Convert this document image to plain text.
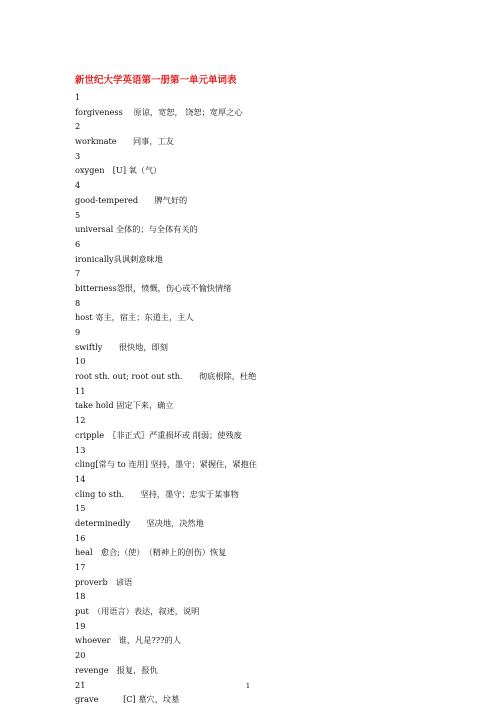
新世纪大学英语第一册第一单元单词表
1
forgiveness　 原谅，宽恕， 饶恕；宽厚之心
2
workmate　　同事，工友
3
oxygen　[U] 氧（气）
4
good-tempered　　脾气好的
5
universal 全体的；与全体有关的
6
ironically具讽刺意味地
7
bitterness怨恨，愤慨，伤心或不愉快情绪
8
host 寄主，宿主；东道主，主人
9
swiftly　　很快地，即刻
10
root sth. out; root out sth.　　彻底根除，杜绝
11
take hold 固定下来，确立
12
cripple　〖非正式〗严重损坏或 削弱；使残废
13
cling[常与 to 连用] 坚持，墨守；紧握住，紧抱住
14
cling to sth.　　坚持，墨守；忠实于某事物
15
determinedly　　坚决地，决然地
16
heal　愈合;（使）　（精神上的创伤）恢复
17
proverb　谚语
18
put　（用语言）表达，叙述，说明
19
whoever　谁，凡是???的人
20
revenge　报复，报仇
21
grave　　　[C] 墓穴，坟墓
1
